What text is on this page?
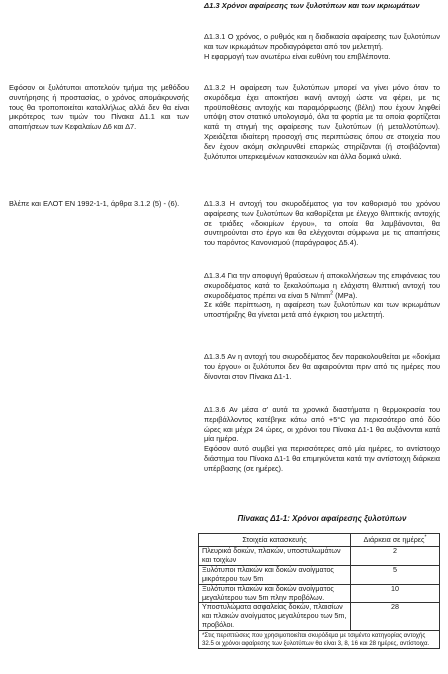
Δ1.3 Χρόνοι αφαίρεσης των ξυλοτύπων και των ικριωμάτων
Εφόσον οι ξυλότυποι αποτελούν τμήμα της μεθόδου συντήρησης ή προστασίας, ο χρόνος απομάκρυνσής τους θα τροποποιείται καταλλήλως αλλά δεν θα είναι μικρότερος των τιμών του Πίνακα Δ1.1 και των απαιτήσεων των Κεφαλαίων Δ6 και Δ7.
Βλέπε και ΕΛΟΤ ΕΝ 1992-1-1, άρθρα 3.1.2 (5) - (6).

Δ1.3.1 Ο χρόνος, ο ρυθμός και η διαδικασία αφαίρεσης των ξυλοτύπων και των ικριωμάτων προδιαγράφεται από τον μελετητή.

Η εφαρμογή των ανωτέρω είναι ευθύνη του επιβλέποντα.

Δ1.3.2 Η αφαίρεση των ξυλοτύπων μπορεί να γίνει μόνο όταν το σκυρόδεμα έχει αποκτήσει ικανή αντοχή ώστε να φέρει, με τις προϋποθέσεις αντοχής και παραμόρφωσης (βέλη) που έχουν ληφθεί υπόψη στον στατικό υπολογισμό, όλα τα φορτία με τα οποία φορτίζεται κατά τη στιγμή της αφαίρεσης των ξυλοτύπων (ή μεταλλοτύπων). Χρειάζεται ιδιαίτερη προσοχή στις περιπτώσεις όπου σε στοιχεία που δεν έχουν ακόμη σκληρυνθεί επαρκώς στηρίζονται (ή στοιβάζονται) ξυλότυποι υπερκειμένων κατασκευών και άλλα δομικά υλικά.

Δ1.3.3 Η αντοχή του σκυροδέματος για τον καθορισμό του χρόνου αφαίρεσης των ξυλοτύπων θα καθορίζεται με έλεγχο θλιπτικής αντοχής σε τριάδες «δοκιμίων έργου», τα οποία θα λαμβάνονται, θα συντηρούνται στο έργο και θα ελέγχονται σύμφωνα με τις απαιτήσεις του παρόντος Κανονισμού (παράγραφος Δ5.4).

Δ1.3.4 Για την αποφυγή θραύσεων ή αποκολλήσεων της επιφάνειας του σκυροδέματος κατά το ξεκαλούπωμα η ελάχιστη θλιπτική αντοχή του σκυροδέματος πρέπει να είναι 5 $N/mm^2$ (MPa).

Σε κάθε περίπτωση, η αφαίρεση των ξυλοτύπων και των ικριωμάτων υποστήριξης θα γίνεται μετά από έγκριση του μελετητή.

Δ1.3.5 Αν η αντοχή του σκυροδέματος δεν παρακολουθείται με «δοκίμια του έργου» οι ξυλότυποι δεν θα αφαιρούνται πριν από τις ημέρες που δίνονται στον Πίνακα Δ1-1.

Δ1.3.6 Αν μέσα σ' αυτά τα χρονικά διαστήματα η θερμοκρασία του περιβάλλοντος κατέβηκε κάτω από +5°C για περισσότερο από δύο ώρες και μέχρι 24 ώρες, οι χρόνοι του Πίνακα Δ1-1 θα αυξάνονται κατά μία ημέρα.

Εφόσον αυτό συμβεί για περισσότερες από μία ημέρες, το αντίστοιχο διάστημα του Πίνακα Δ1-1 θα επιμηκύνεται κατά την αντίστοιχη διάρκεια υπέρβασης (σε ημέρες).

Πίνακας Δ1-1: Χρόνοι αφαίρεσης ξυλοτύπων
Στοιχεία κατασκευής	Διάρκεια σε ημέρες*
Πλευρικά δοκών, πλακών, υποστυλωμάτων και τοιχίων	2
Ξυλότυποι πλακών και δοκών ανοίγματος μικρότερου των 5m	5
Ξυλότυποι πλακών και δοκών ανοίγματος μεγαλύτερου των 5m πλην προβόλων.	10
Υποστυλώματα ασφαλείας δοκών, πλαισίων και πλακών ανοίγματος μεγαλύτερου των 5m, προβόλοι.	28
*Στις περιπτώσεις που χρησιμοποιείται σκυρόδεμα με τσιμέντο κατηγορίας αντοχής 32.5 οι χρόνοι αφαίρεσης των ξυλοτύπων θα είναι 3, 8, 16 και 28 ημέρες, αντίστοιχα.	
